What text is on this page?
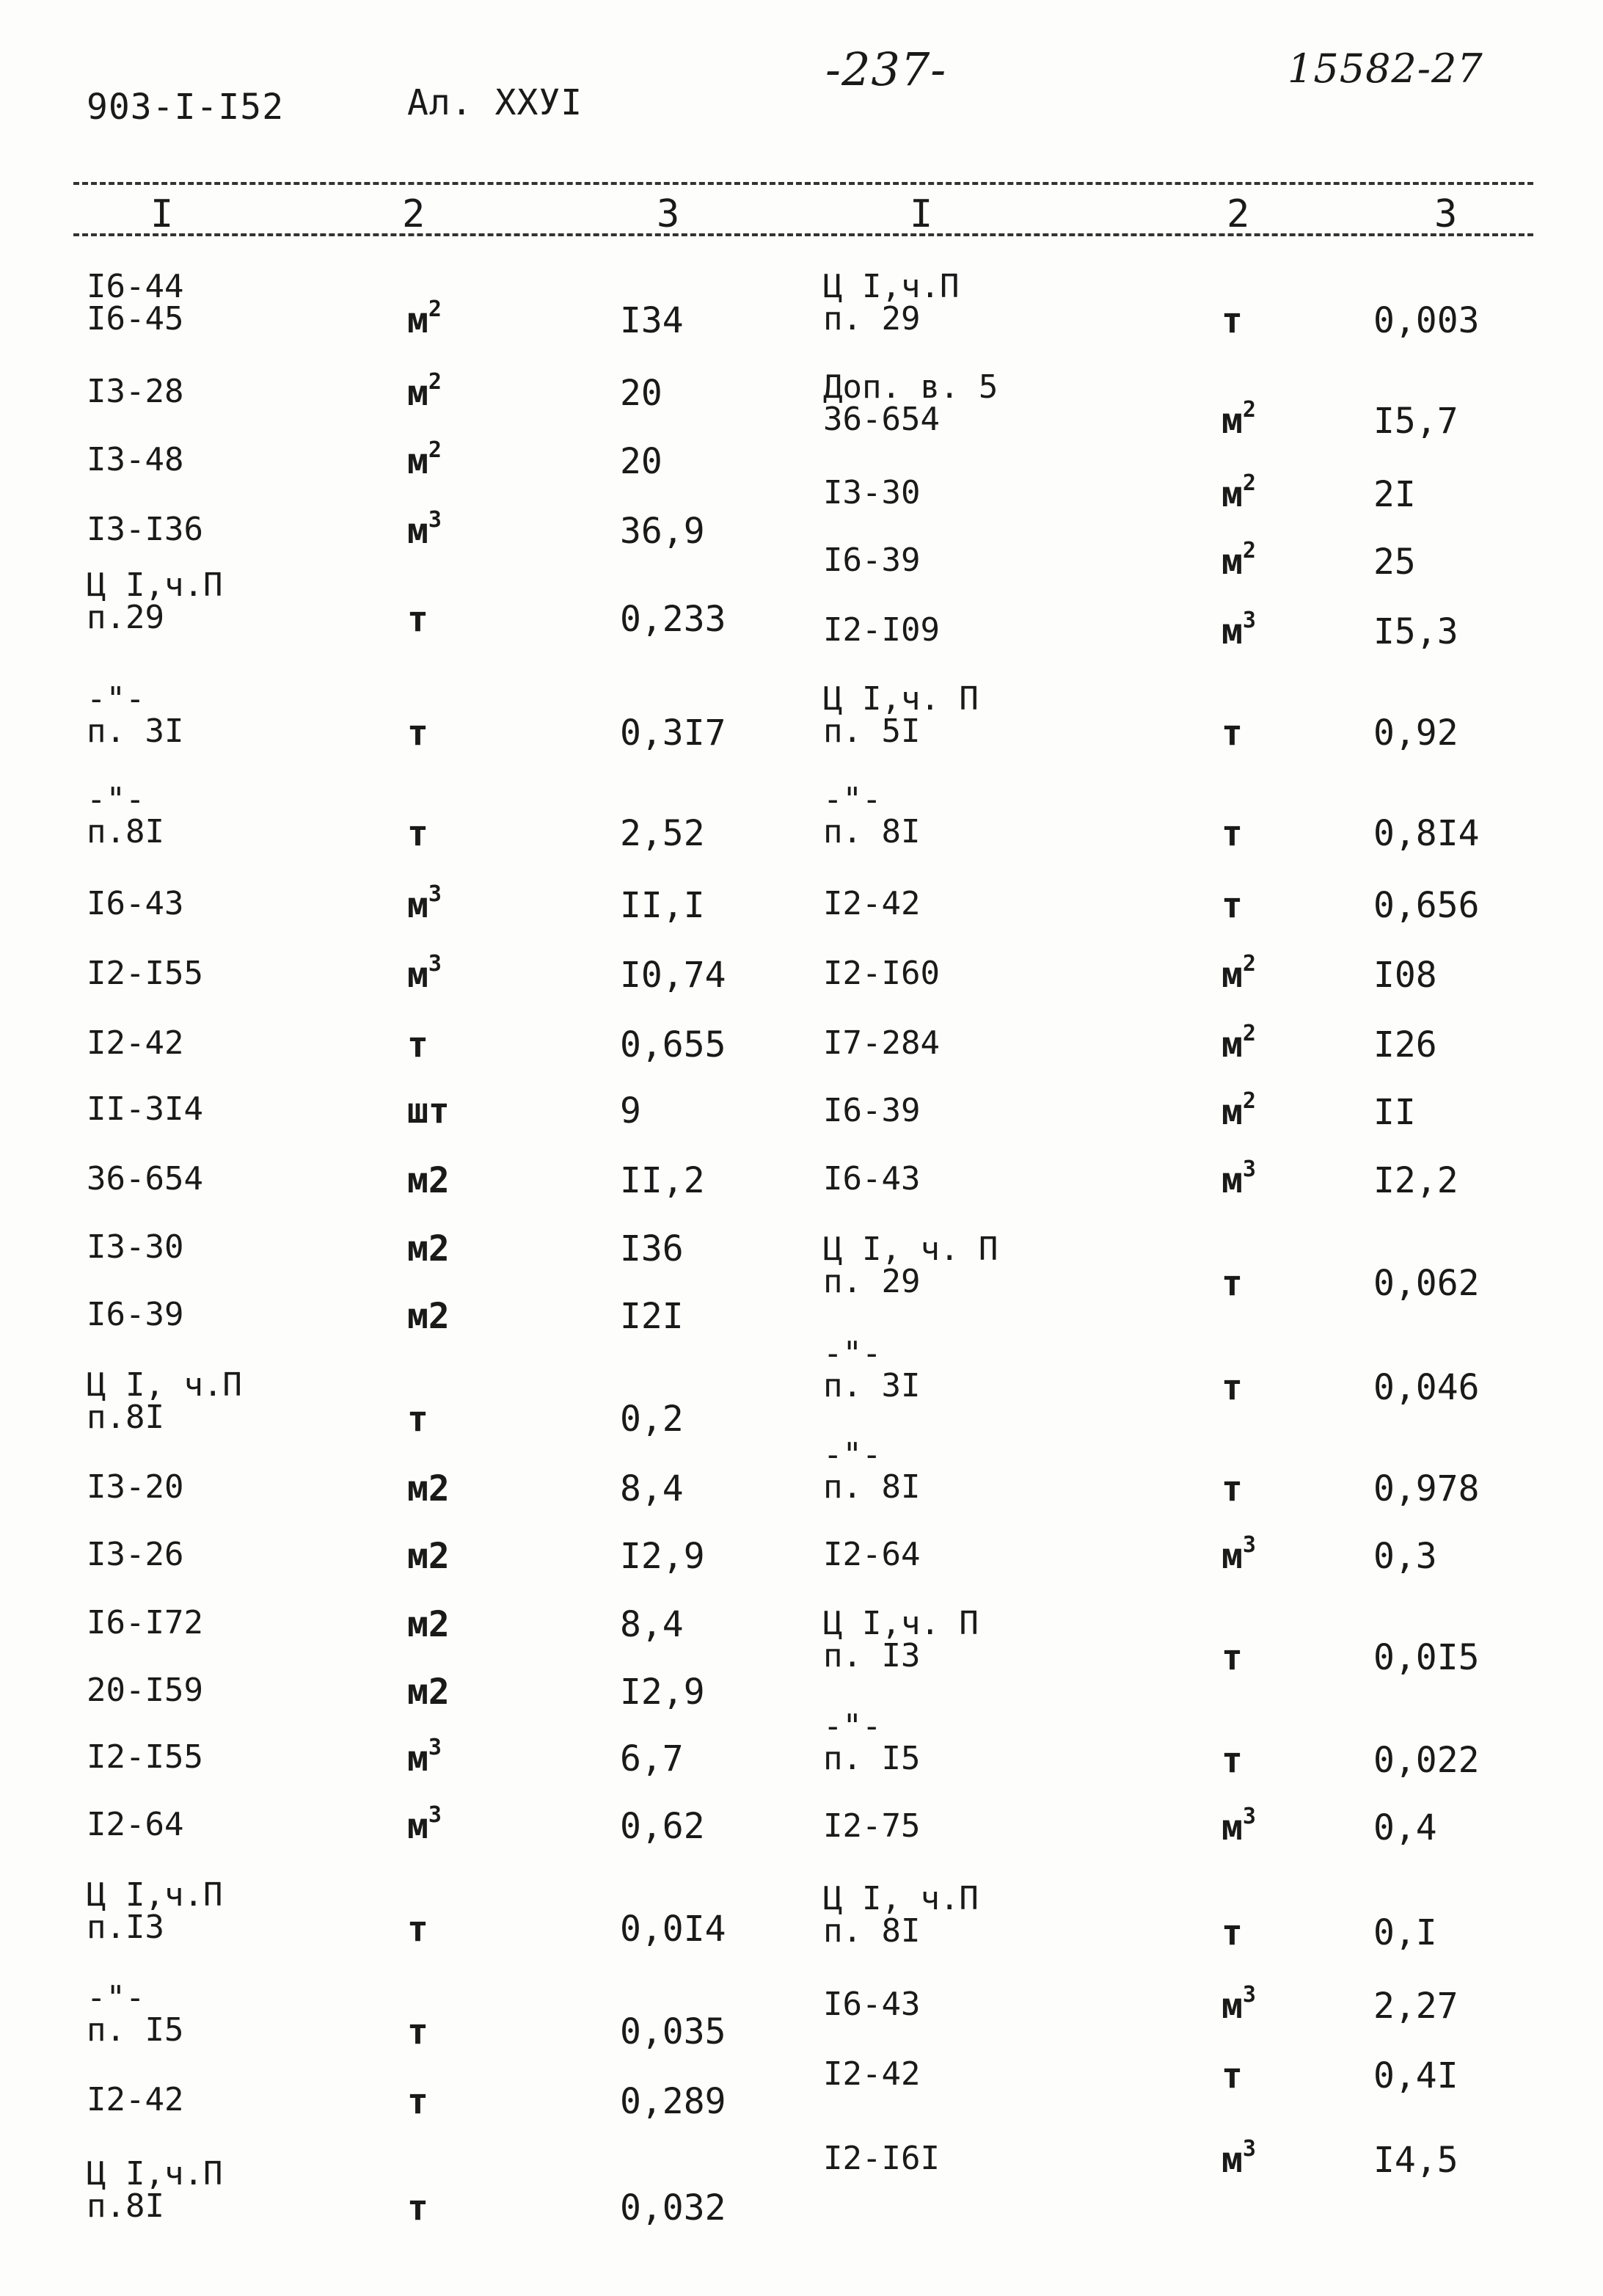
903-I-I52	Ал. ХХУI
-237-	15582-27
I	2	3	I	2	3
I6-44
I6-45	$м^2$	I34
I3-28	$м^2$	20
I3-48	$м^2$	20
I3-I36	$м^3$	36,9
Ц I,ч.П
п.29	т	0,233
-"-
п. 3I	т	0,3I7
-"-
п.8I	т	2,52
I6-43	$м^3$	II,I
I2-I55	$м^3$	I0,74
I2-42	т	0,655
II-3I4	шт	9
36-654	м2	II,2
I3-30	м2	I36
I6-39	м2	I2I
Ц I, ч.П
п.8I	т	0,2
I3-20	м2	8,4
I3-26	м2	I2,9
I6-I72	м2	8,4
20-I59	м2	I2,9
I2-I55	$м^3$	6,7
I2-64	$м^3$	0,62
Ц I,ч.П
п.I3	т	0,0I4
-"-
п. I5	т	0,035
I2-42	т	0,289
Ц I,ч.П
п.8I	т	0,032
Ц I,ч.П
п. 29	т	0,003
Доп. в. 5
36-654	$м^2$	I5,7
I3-30	$м^2$	2I
I6-39	$м^2$	25
I2-I09	$м^3$	I5,3
Ц I,ч. П
п. 5I	т	0,92
-"-
п. 8I	т	0,8I4
I2-42	т	0,656
I2-I60	$м^2$	I08
I7-284	$м^2$	I26
I6-39	$м^2$	II
I6-43	$м^3$	I2,2
Ц I, ч. П
п. 29	т	0,062
-"-
п. 3I	т	0,046
-"-
п. 8I	т	0,978
I2-64	$м^3$	0,3
Ц I,ч. П
п. I3	т	0,0I5
-"-
п. I5	т	0,022
I2-75	$м^3$	0,4
Ц I, ч.П
п. 8I	т	0,I
I6-43	$м^3$	2,27
I2-42	т	0,4I
I2-I6I	$м^3$	I4,5
